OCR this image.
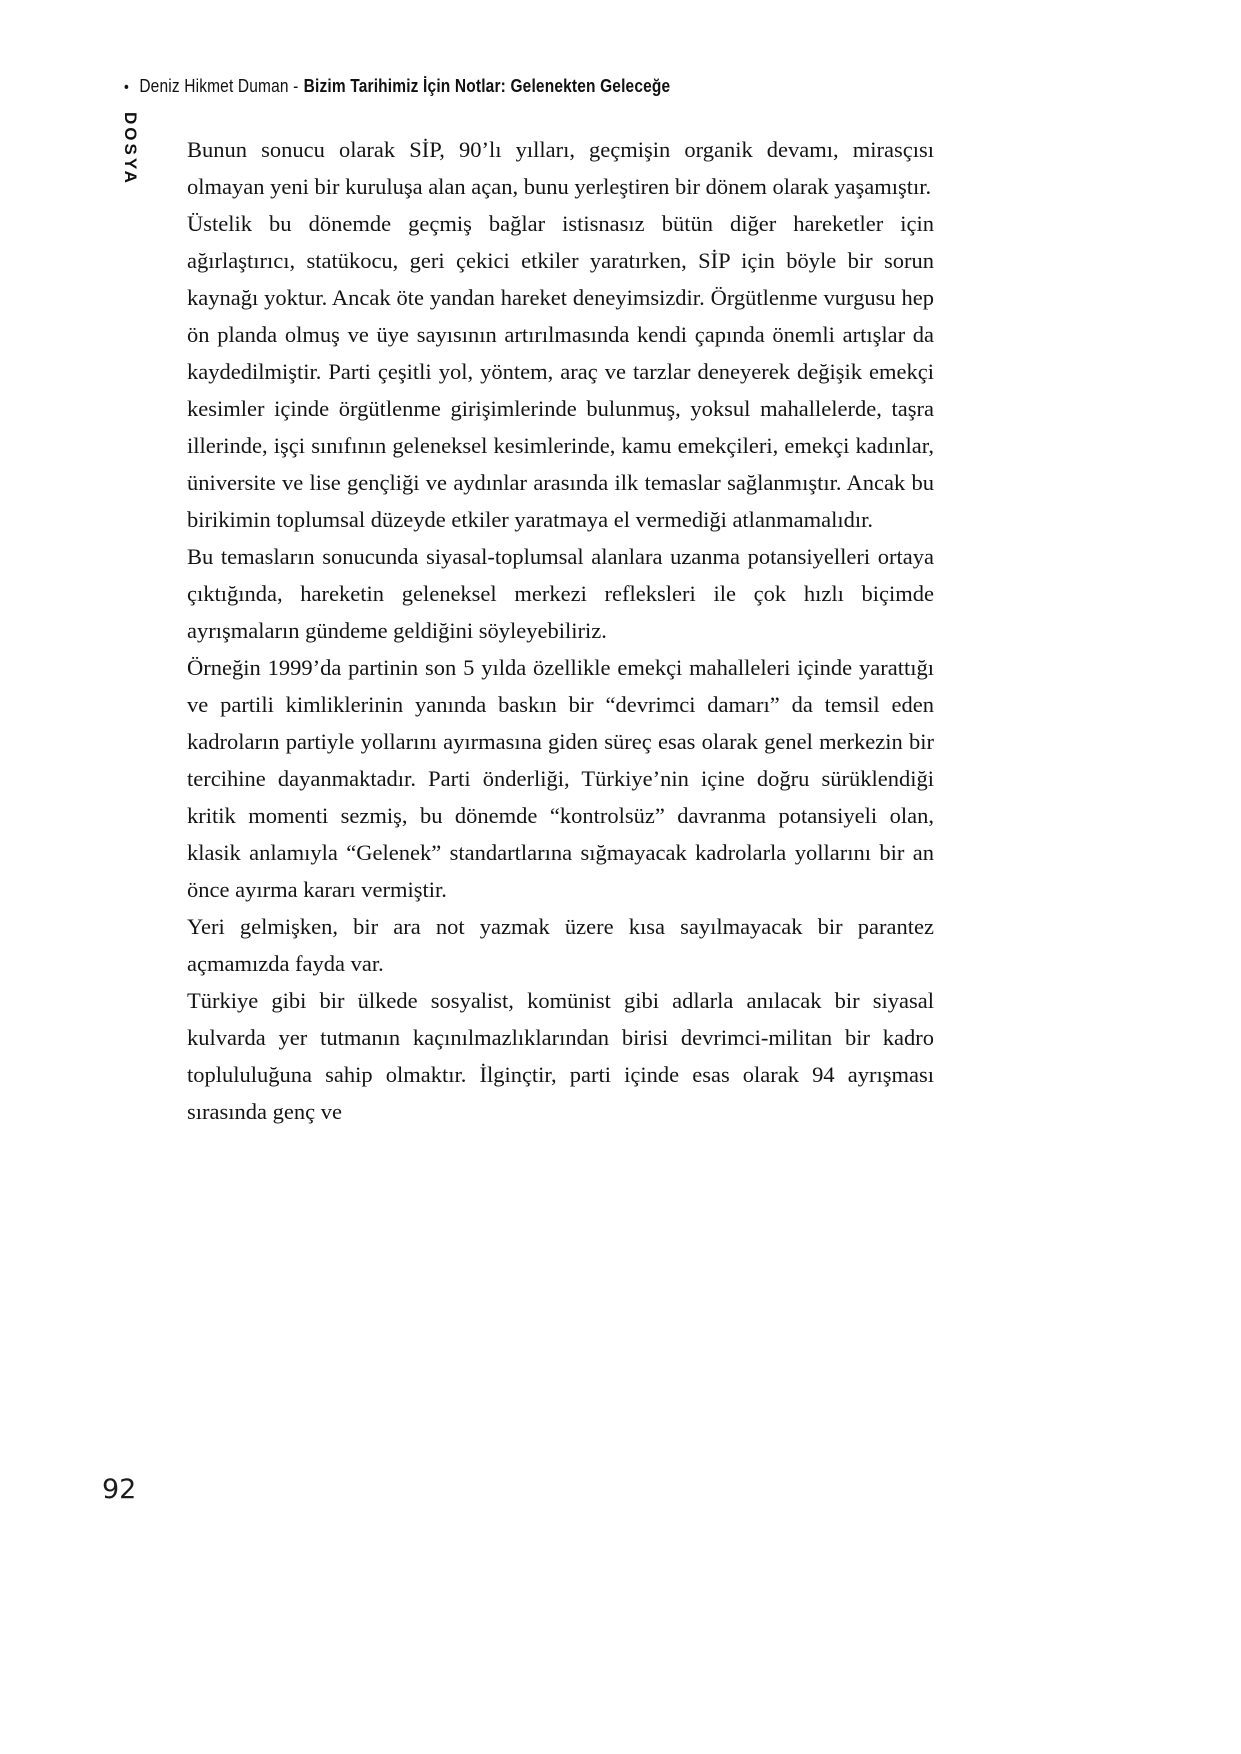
• Deniz Hikmet Duman - Bizim Tarihimiz İçin Notlar: Gelenekten Geleceğe
DOSYA Bunun sonucu olarak SİP, 90’lı yılları, geçmişin organik devamı, mirasçısı olmayan yeni bir kuruluşa alan açan, bunu yerleştiren bir dönem olarak yaşamıştır.

Üstelik bu dönemde geçmiş bağlar istisnasız bütün diğer hareketler için ağırlaştırıcı, statükocu, geri çekici etkiler yaratırken, SİP için böyle bir sorun kaynağı yoktur. Ancak öte yandan hareket deneyimsizdir. Örgütlenme vurgusu hep ön planda olmuş ve üye sayısının artırılmasında kendi çapında önemli artışlar da kaydedilmiştir. Parti çeşitli yol, yöntem, araç ve tarzlar deneyerek değişik emekçi kesimler içinde örgütlenme girişimlerinde bulunmuş, yoksul mahallelerde, taşra illerinde, işçi sınıfının geleneksel kesimlerinde, kamu emekçileri, emekçi kadınlar, üniversite ve lise gençliği ve aydınlar arasında ilk temaslar sağlanmıştır. Ancak bu birikimin toplumsal düzeyde etkiler yaratmaya el vermediği atlanmamalıdır.

Bu temasların sonucunda siyasal-toplumsal alanlara uzanma potansiyelleri ortaya çıktığında, hareketin geleneksel merkezi refleksleri ile çok hızlı biçimde ayrışmaların gündeme geldiğini söyleyebiliriz.

Örneğin 1999’da partinin son 5 yılda özellikle emekçi mahalleleri içinde yarattığı ve partili kimliklerinin yanında baskın bir “devrimci damarı” da temsil eden kadroların partiyle yollarını ayırmasına giden süreç esas olarak genel merkezin bir tercihine dayanmaktadır. Parti önderliği, Türkiye’nin içine doğru sürüklendiği kritik momenti sezmiş, bu dönemde “kontrolsüz” davranma potansiyeli olan, klasik anlamıyla “Gelenek” standartlarına sığmayacak kadrolarla yollarını bir an önce ayırma kararı vermiştir.

Yeri gelmişken, bir ara not yazmak üzere kısa sayılmayacak bir parantez açmamızda fayda var.

Türkiye gibi bir ülkede sosyalist, komünist gibi adlarla anılacak bir siyasal kulvarda yer tutmanın kaçınılmazlıklarından birisi devrimci-militan bir kadro toplululuğuna sahip olmaktır. İlginçtir, parti içinde esas olarak 94 ayrışması sırasında genç ve

92
